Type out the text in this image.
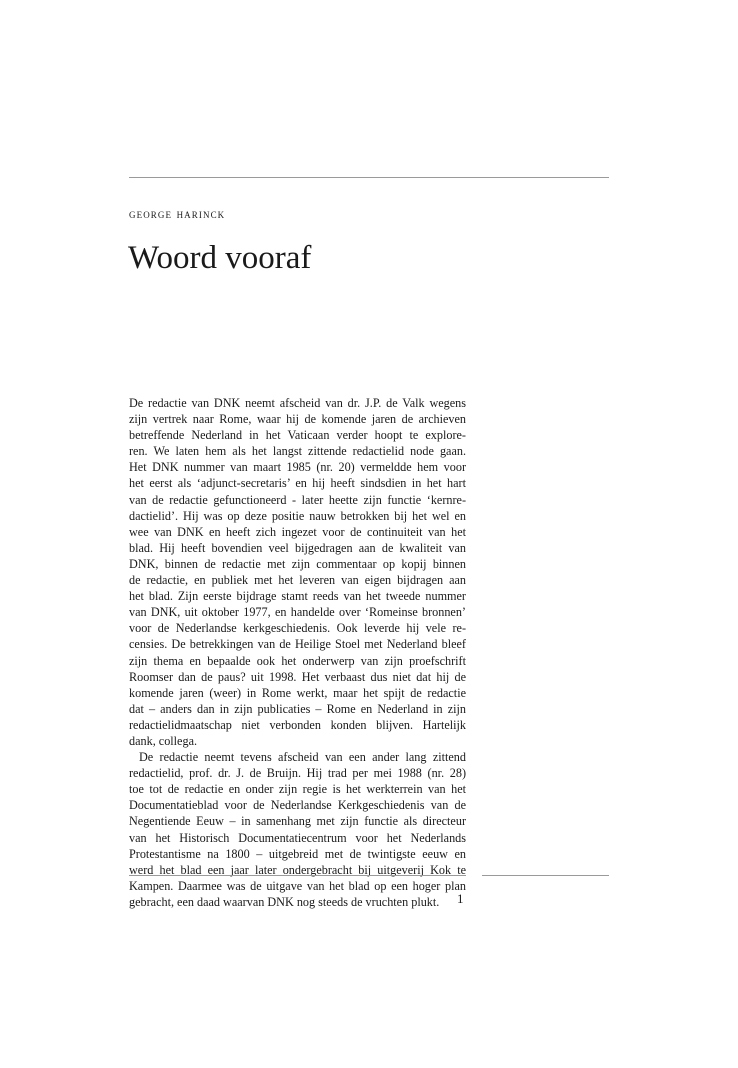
george harinck
Woord vooraf
De redactie van DNK neemt afscheid van dr. J.P. de Valk wegens
zijn vertrek naar Rome, waar hij de komende jaren de archieven
betreffende Nederland in het Vaticaan verder hoopt te explore-
ren. We laten hem als het langst zittende redactielid node gaan.
Het DNK nummer van maart 1985 (nr. 20) vermeldde hem voor
het eerst als ‘adjunct-secretaris’ en hij heeft sindsdien in het hart
van de redactie gefunctioneerd - later heette zijn functie ‘kernre-
dactielid’. Hij was op deze positie nauw betrokken bij het wel en
wee van DNK en heeft zich ingezet voor de continuiteit van het
blad. Hij heeft bovendien veel bijgedragen aan de kwaliteit van
DNK, binnen de redactie met zijn commentaar op kopij binnen
de redactie, en publiek met het leveren van eigen bijdragen aan
het blad. Zijn eerste bijdrage stamt reeds van het tweede nummer
van DNK, uit oktober 1977, en handelde over ‘Romeinse bronnen’
voor de Nederlandse kerkgeschiedenis. Ook leverde hij vele re-
censies. De betrekkingen van de Heilige Stoel met Nederland bleef
zijn thema en bepaalde ook het onderwerp van zijn proefschrift
Roomser dan de paus? uit 1998. Het verbaast dus niet dat hij de
komende jaren (weer) in Rome werkt, maar het spijt de redactie
dat – anders dan in zijn publicaties – Rome en Nederland in zijn
redactielidmaatschap niet verbonden konden blijven. Hartelijk
dank, collega.
De redactie neemt tevens afscheid van een ander lang zittend
redactielid, prof. dr. J. de Bruijn. Hij trad per mei 1988 (nr. 28)
toe tot de redactie en onder zijn regie is het werkterrein van het
Documentatieblad voor de Nederlandse Kerkgeschiedenis van de
Negentiende Eeuw – in samenhang met zijn functie als directeur
van het Historisch Documentatiecentrum voor het Nederlands
Protestantisme na 1800 – uitgebreid met de twintigste eeuw en
werd het blad een jaar later ondergebracht bij uitgeverij Kok te
Kampen. Daarmee was de uitgave van het blad op een hoger plan
gebracht, een daad waarvan DNK nog steeds de vruchten plukt.	1
